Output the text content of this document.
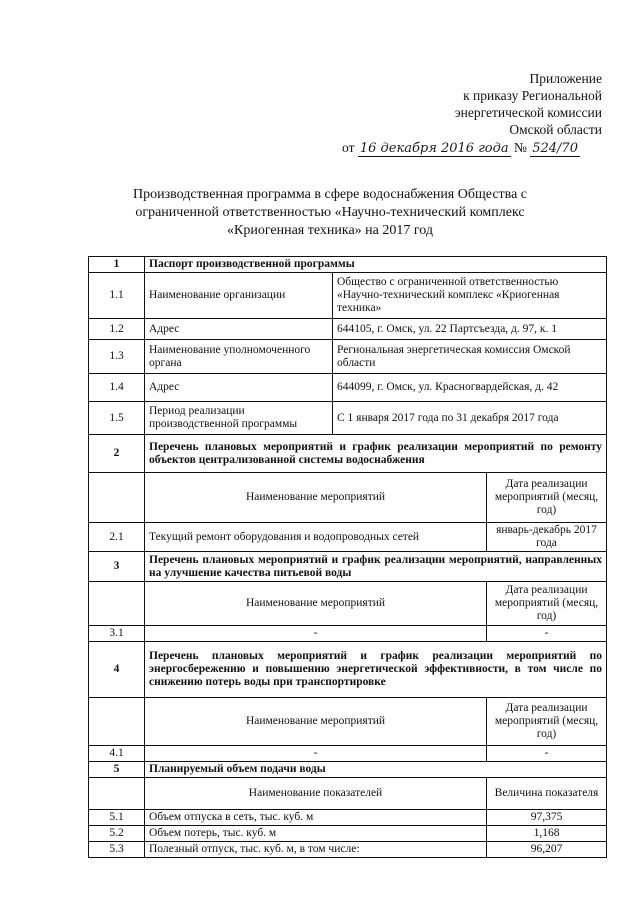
Приложение
к приказу Региональной
энергетической комиссии
Омской области
от 16 декабря 2016 года № 524/70
Производственная программа в сфере водоснабжения Общества с ограниченной ответственностью «Научно-технический комплекс «Криогенная техника» на 2017 год
1	Паспорт производственной программы		
1.1	Наименование организации	Общество с ограниченной ответственностью «Научно-технический комплекс «Криогенная техника»	
1.2	Адрес	644105, г. Омск, ул. 22 Партсъезда, д. 97, к. 1	
1.3	Наименование уполномоченного органа	Региональная энергетическая комиссия Омской области	
1.4	Адрес	644099, г. Омск, ул. Красногвардейская, д. 42	
1.5	Период реализации производственной программы	С 1 января 2017 года по 31 декабря 2017 года	
2	Перечень плановых мероприятий и график реализации мероприятий по ремонту объектов централизованной системы водоснабжения		
	Наименование мероприятий		Дата реализации мероприятий (месяц, год)
2.1	Текущий ремонт оборудования и водопроводных сетей		январь-декабрь 2017 года
3	Перечень плановых мероприятий и график реализации мероприятий, направленных на улучшение качества питьевой воды		
	Наименование мероприятий		Дата реализации мероприятий (месяц, год)
3.1	-		-
4	Перечень плановых мероприятий и график реализации мероприятий по энергосбережению и повышению энергетической эффективности, в том числе по снижению потерь воды при транспортировке		
	Наименование мероприятий		Дата реализации мероприятий (месяц, год)
4.1	-		-
5	Планируемый объем подачи воды		
	Наименование показателей		Величина показателя
5.1	Объем отпуска в сеть, тыс. куб. м		97,375
5.2	Объем потерь, тыс. куб. м		1,168
5.3	Полезный отпуск, тыс. куб. м, в том числе:		96,207
